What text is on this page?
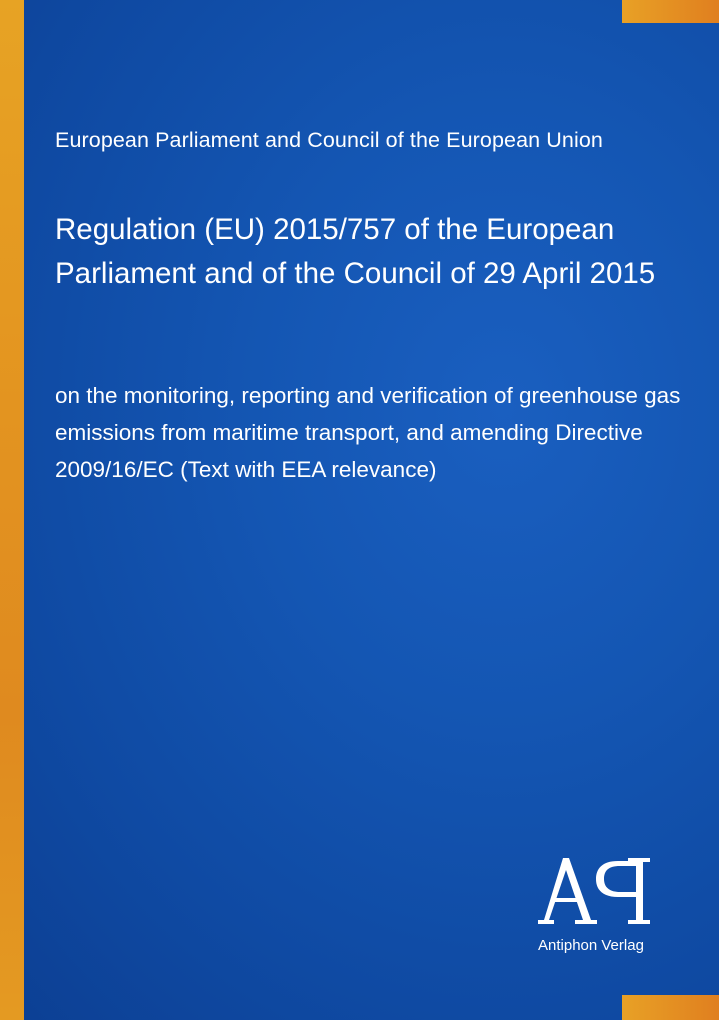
European Parliament and Council of the European Union
Regulation (EU) 2015/757 of the European Parliament and of the Council of 29 April 2015
on the monitoring, reporting and verification of greenhouse gas emissions from maritime transport, and amending Directive 2009/16/EC (Text with EEA relevance)
Antiphon Verlag
